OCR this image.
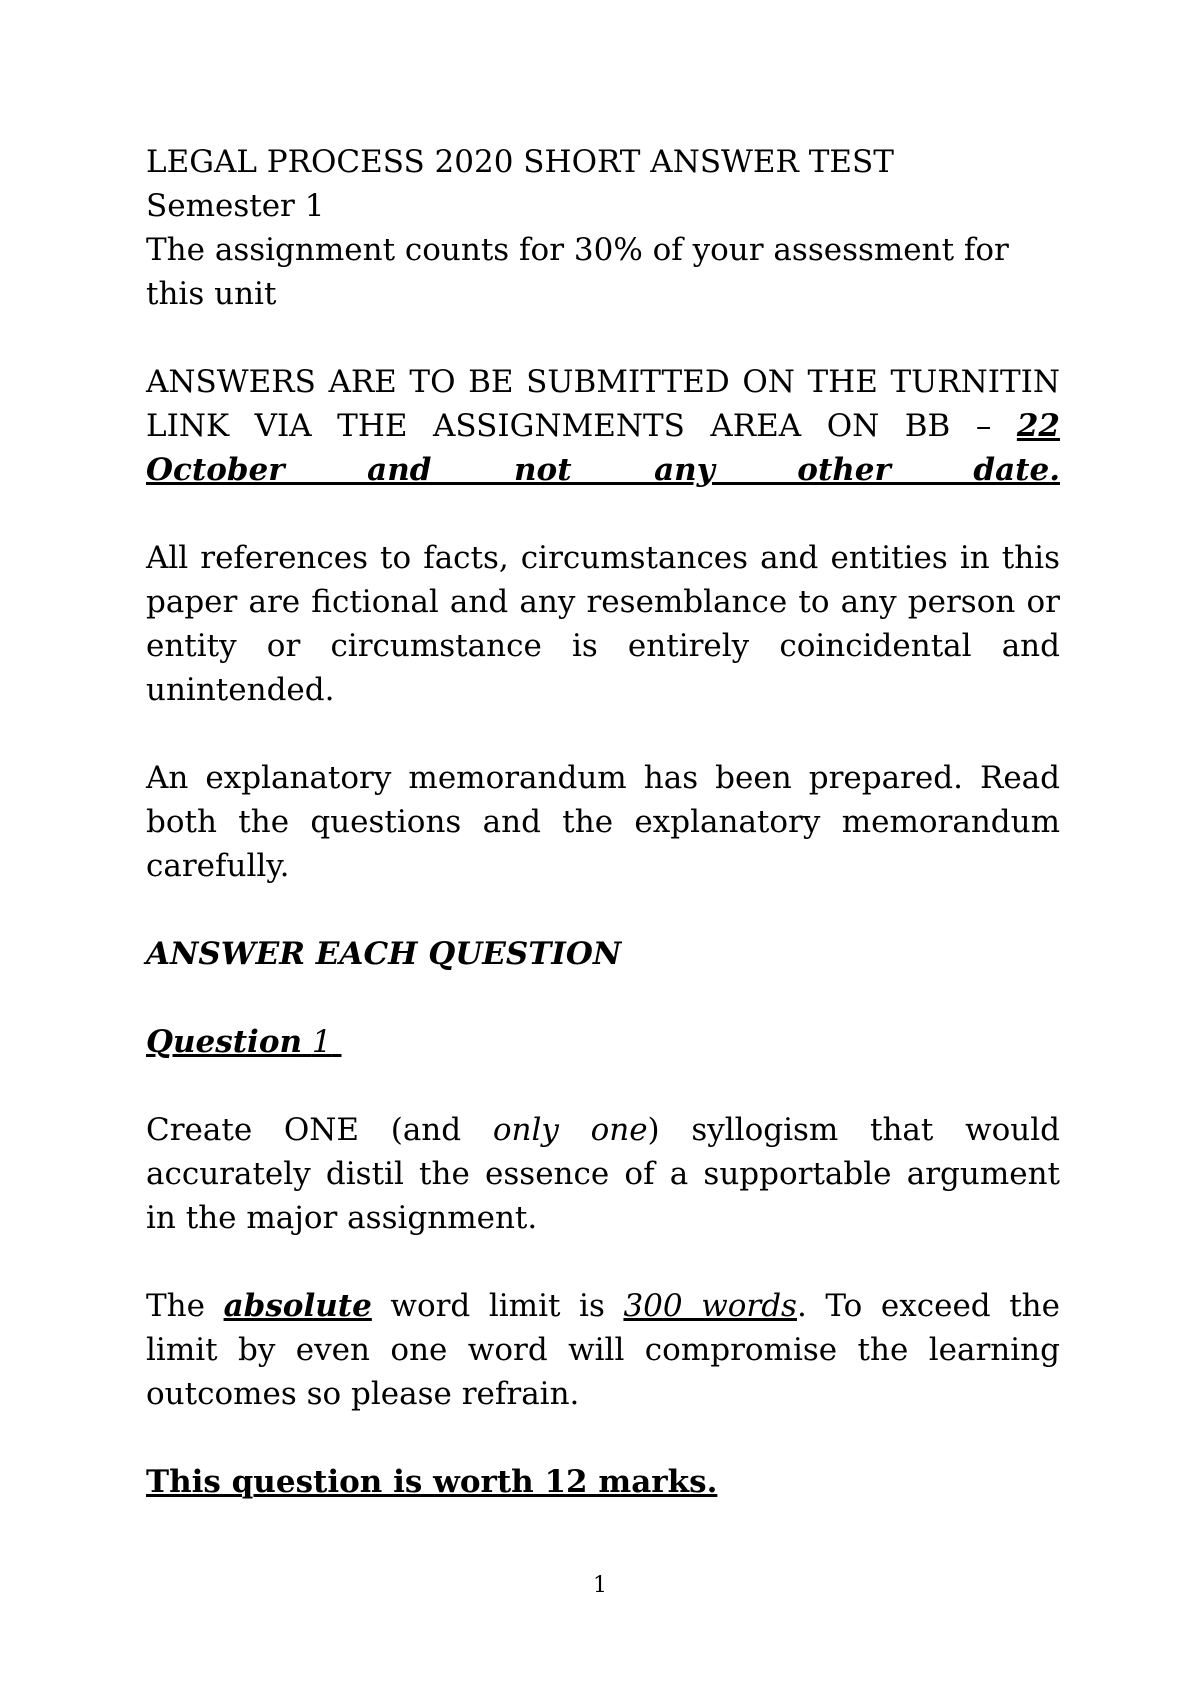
LEGAL PROCESS 2020 SHORT ANSWER TEST

Semester 1

The assignment counts for 30% of your assessment for this unit

ANSWERS ARE TO BE SUBMITTED ON THE TURNITIN LINK VIA THE ASSIGNMENTS AREA ON BB – 22 October and not any other date.

All references to facts, circumstances and entities in this paper are fictional and any resemblance to any person or entity or circumstance is entirely coincidental and unintended.

An explanatory memorandum has been prepared. Read both the questions and the explanatory memorandum carefully.

ANSWER EACH QUESTION

Question 1

Create ONE (and only one) syllogism that would accurately distil the essence of a supportable argument in the major assignment.

The absolute word limit is 300 words. To exceed the limit by even one word will compromise the learning outcomes so please refrain.

This question is worth 12 marks.

1
